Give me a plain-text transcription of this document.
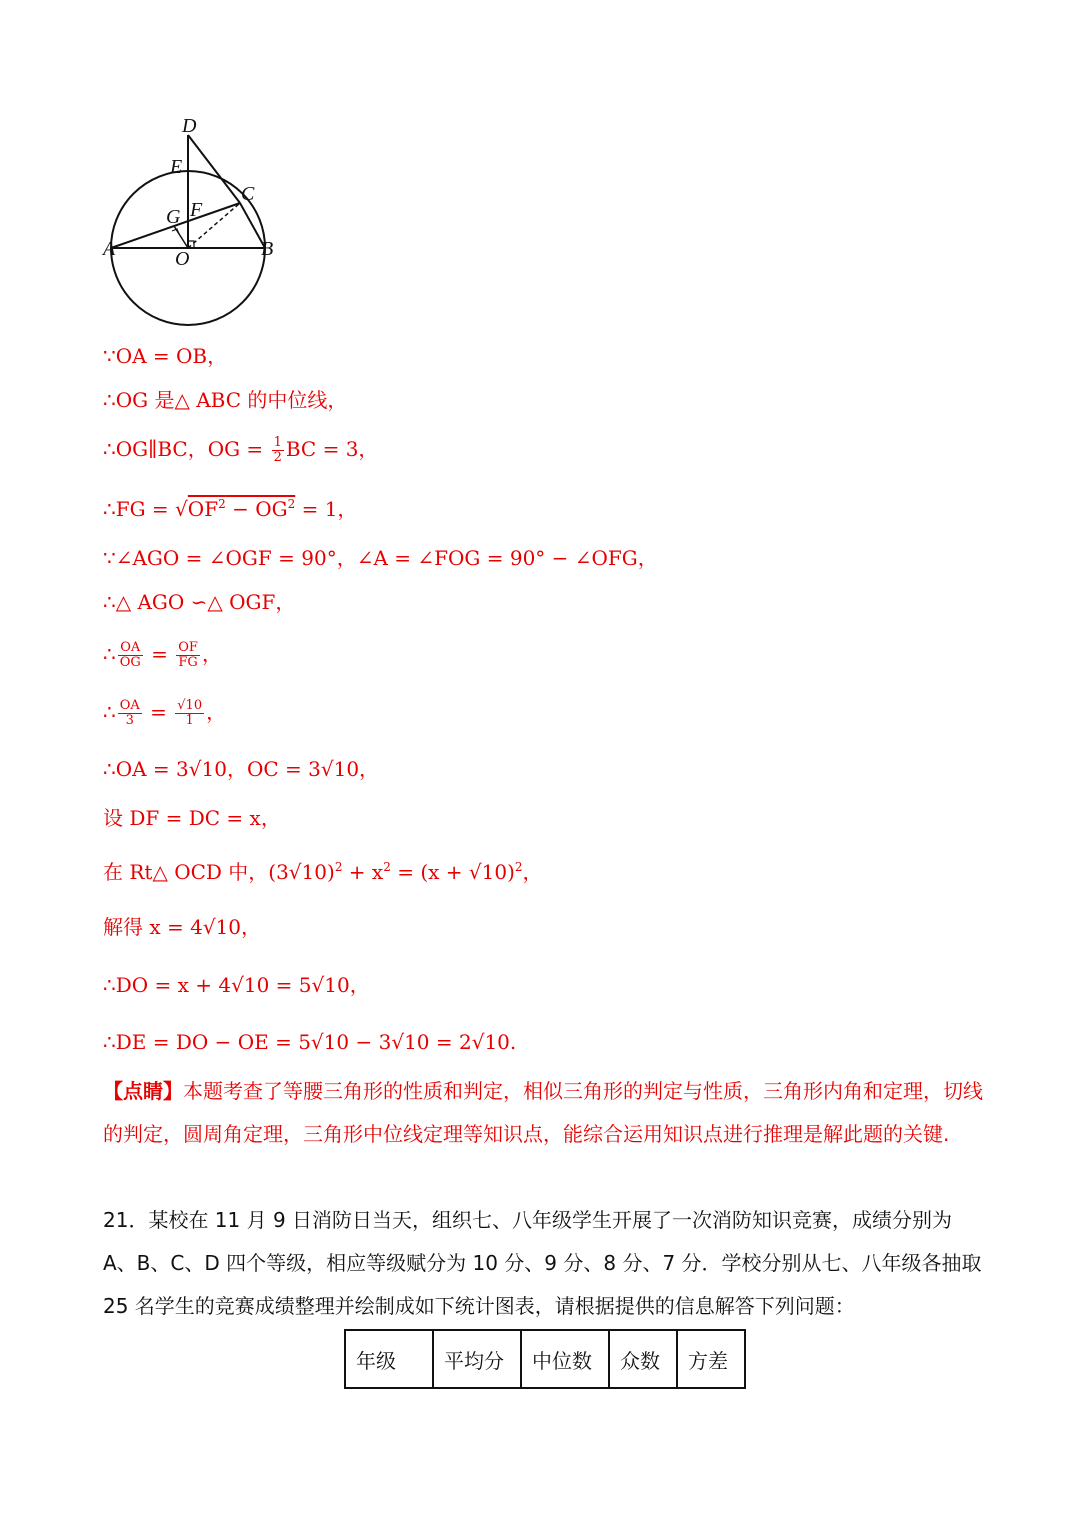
D
E
C
G F
A	O	B
∵OA = OB，
∴OG 是△ ABC 的中位线，
∴OG∥BC，OG = $\frac{1}{2}$ BC = 3，
∴FG = $√OF^2 - OG^2 = 1$，
∵∠AGO = ∠OGF = 90°，∠A = ∠FOG = 90° − ∠OFG，
∴△ AGO ∽△ OGF，
∴ $\frac{OA}{OG} = \frac{OF}{FG}$ ，
∴ $\frac{OA}{3} = \frac{√10}{1}$ ，
∴OA = 3√10，OC = 3√10，
设 DF = DC = x，
在 Rt△ OCD 中，$(3√10)^2 + x^2 = (x + √10)^2$，
解得 x = 4√10，
∴DO = x + 4√10 = 5√10，
∴DE = DO − OE = 5√10 − 3√10 = 2√10.
【点睛】本题考查了等腰三角形的性质和判定，相似三角形的判定与性质，三角形内角和定理，切线的判定，圆周角定理，三角形中位线定理等知识点，能综合运用知识点进行推理是解此题的关键.
21．某校在 11 月 9 日消防日当天，组织七、八年级学生开展了一次消防知识竞赛，成绩分别为 A、B、C、D 四个等级，相应等级赋分为 10 分、9 分、8 分、7 分．学校分别从七、八年级各抽取 25 名学生的竞赛成绩整理并绘制成如下统计图表，请根据提供的信息解答下列问题：
年级	平均分	中位数	众数	方差
